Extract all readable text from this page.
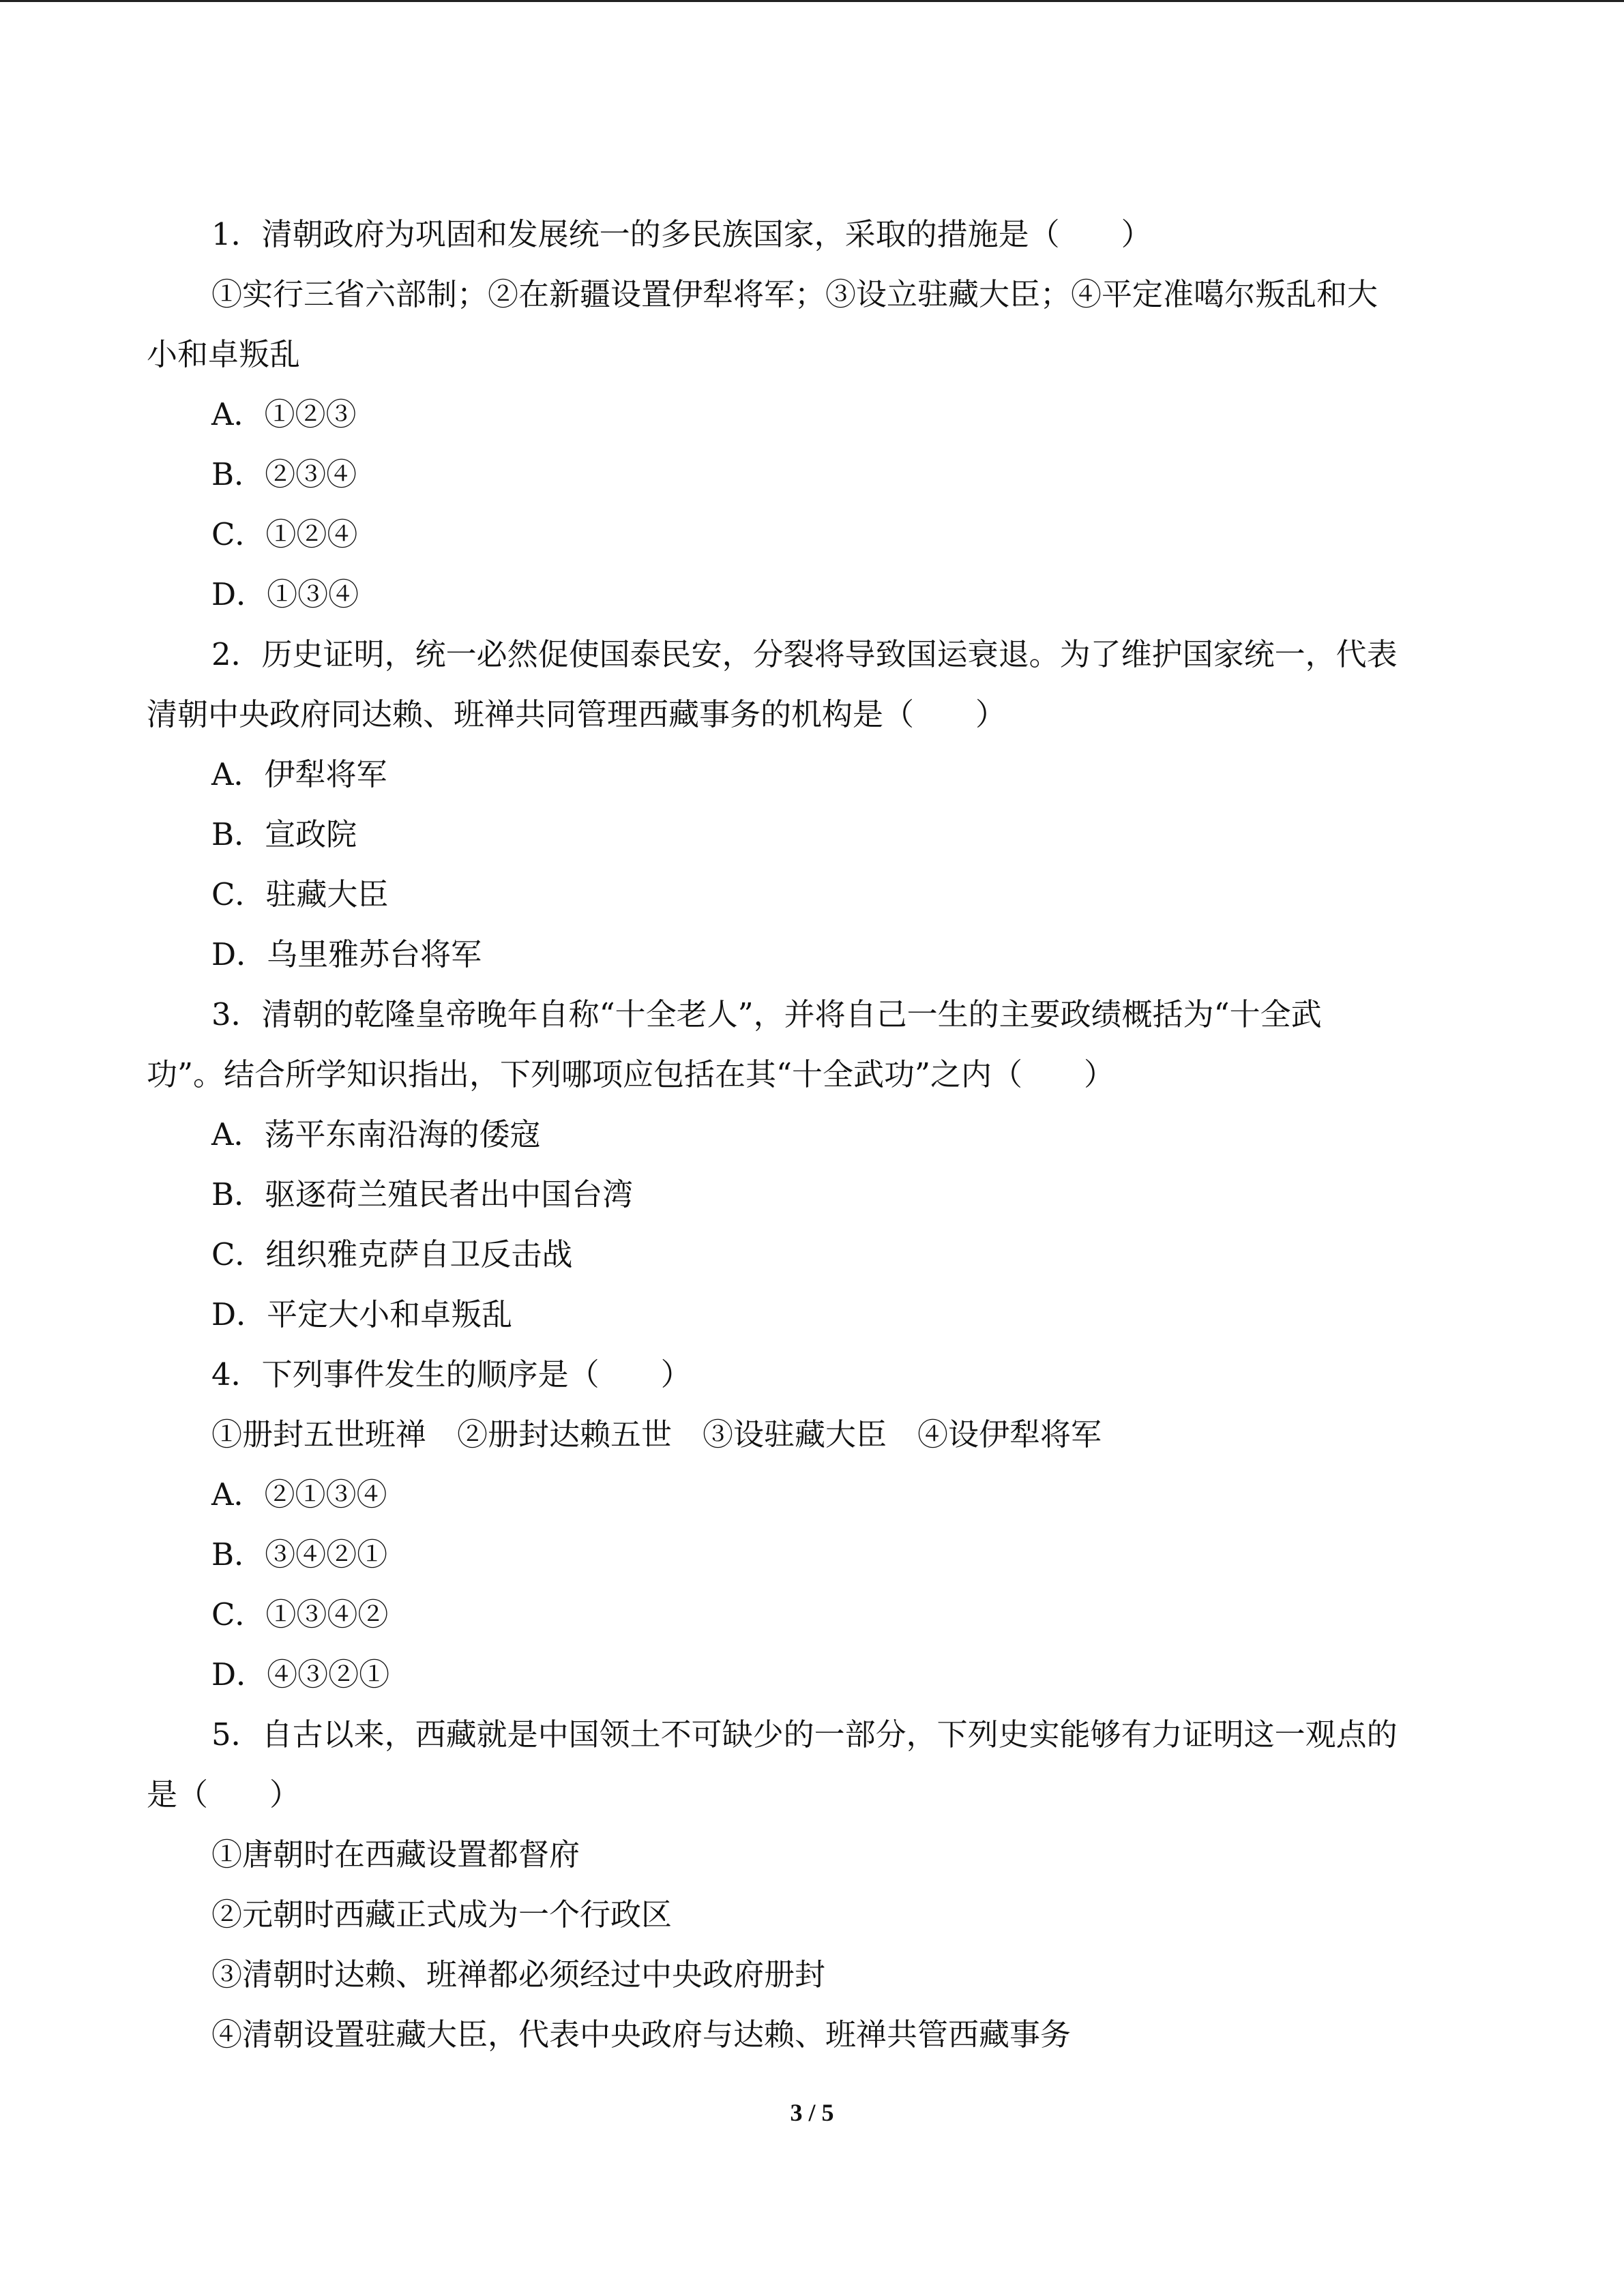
1．清朝政府为巩固和发展统一的多民族国家，采取的措施是（　　）
①实行三省六部制；②在新疆设置伊犁将军；③设立驻藏大臣；④平定准噶尔叛乱和大
小和卓叛乱
A．①②③
B．②③④
C．①②④
D．①③④
2．历史证明，统一必然促使国泰民安，分裂将导致国运衰退。为了维护国家统一，代表
清朝中央政府同达赖、班禅共同管理西藏事务的机构是（　　）
A．伊犁将军
B．宣政院
C．驻藏大臣
D．乌里雅苏台将军
3．清朝的乾隆皇帝晚年自称“十全老人”，并将自己一生的主要政绩概括为“十全武
功”。结合所学知识指出，下列哪项应包括在其“十全武功”之内（　　）
A．荡平东南沿海的倭寇
B．驱逐荷兰殖民者出中国台湾
C．组织雅克萨自卫反击战
D．平定大小和卓叛乱
4．下列事件发生的顺序是（　　）
①册封五世班禅　②册封达赖五世　③设驻藏大臣　④设伊犁将军
A．②①③④
B．③④②①
C．①③④②
D．④③②①
5．自古以来，西藏就是中国领土不可缺少的一部分，下列史实能够有力证明这一观点的
是（　　）
①唐朝时在西藏设置都督府
②元朝时西藏正式成为一个行政区
③清朝时达赖、班禅都必须经过中央政府册封
④清朝设置驻藏大臣，代表中央政府与达赖、班禅共管西藏事务
3 / 5
